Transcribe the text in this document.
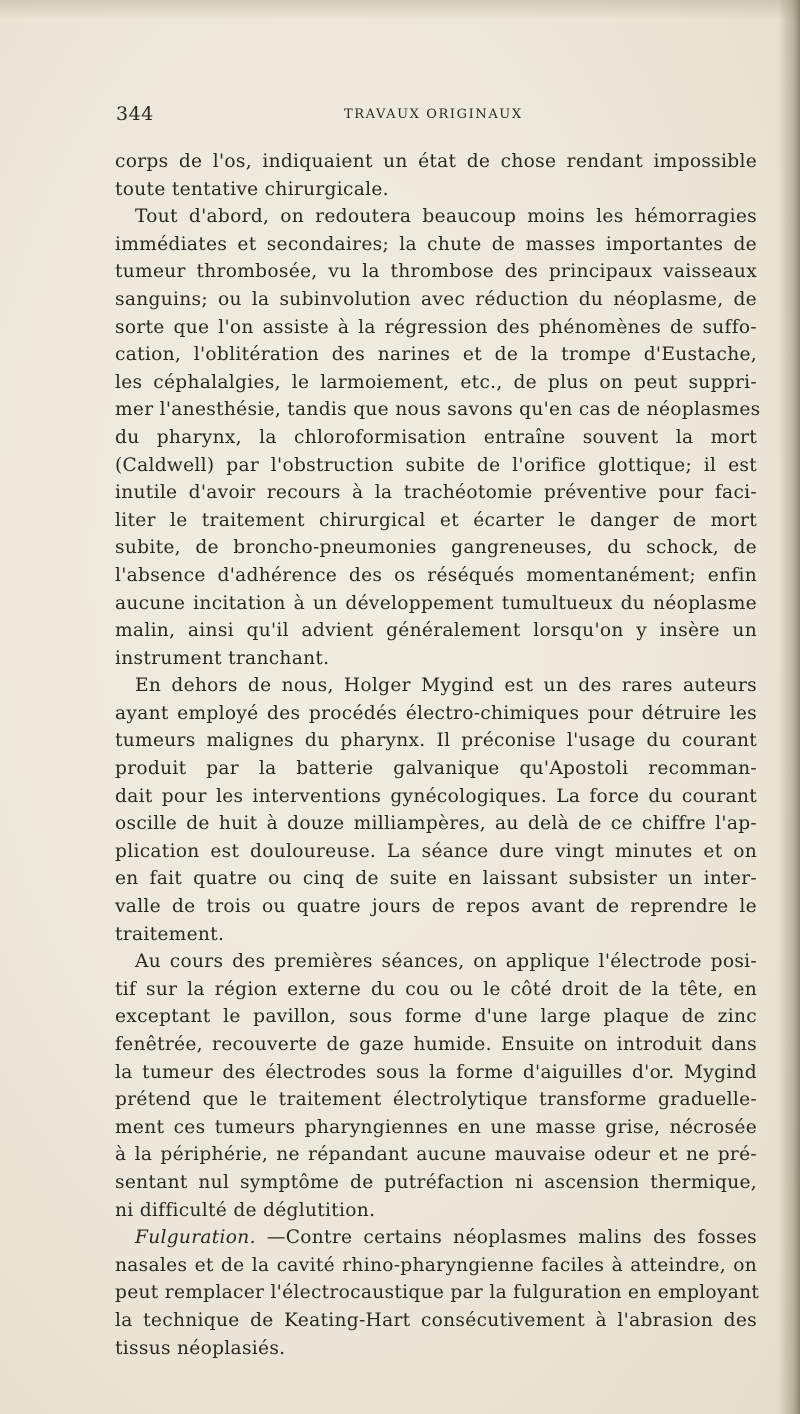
344	TRAVAUX ORIGINAUX
corps de l'os, indiquaient un état de chose rendant impossible
toute tentative chirurgicale.
Tout d'abord, on redoutera beaucoup moins les hémorragies
immédiates et secondaires; la chute de masses importantes de
tumeur thrombosée, vu la thrombose des principaux vaisseaux
sanguins; ou la subinvolution avec réduction du néoplasme, de
sorte que l'on assiste à la régression des phénomènes de suffo-
cation, l'oblitération des narines et de la trompe d'Eustache,
les céphalalgies, le larmoiement, etc., de plus on peut suppri-
mer l'anesthésie, tandis que nous savons qu'en cas de néoplasmes
du pharynx, la chloroformisation entraîne souvent la mort
(Caldwell) par l'obstruction subite de l'orifice glottique; il est
inutile d'avoir recours à la trachéotomie préventive pour faci-
liter le traitement chirurgical et écarter le danger de mort
subite, de broncho-pneumonies gangreneuses, du schock, de
l'absence d'adhérence des os réséqués momentanément; enfin
aucune incitation à un développement tumultueux du néoplasme
malin, ainsi qu'il advient généralement lorsqu'on y insère un
instrument tranchant.
En dehors de nous, Holger Mygind est un des rares auteurs
ayant employé des procédés électro-chimiques pour détruire les
tumeurs malignes du pharynx. Il préconise l'usage du courant
produit par la batterie galvanique qu'Apostoli recomman-
dait pour les interventions gynécologiques. La force du courant
oscille de huit à douze milliampères, au delà de ce chiffre l'ap-
plication est douloureuse. La séance dure vingt minutes et on
en fait quatre ou cinq de suite en laissant subsister un inter-
valle de trois ou quatre jours de repos avant de reprendre le
traitement.
Au cours des premières séances, on applique l'électrode posi-
tif sur la région externe du cou ou le côté droit de la tête, en
exceptant le pavillon, sous forme d'une large plaque de zinc
fenêtrée, recouverte de gaze humide. Ensuite on introduit dans
la tumeur des électrodes sous la forme d'aiguilles d'or. Mygind
prétend que le traitement électrolytique transforme graduelle-
ment ces tumeurs pharyngiennes en une masse grise, nécrosée
à la périphérie, ne répandant aucune mauvaise odeur et ne pré-
sentant nul symptôme de putréfaction ni ascension thermique,
ni difficulté de déglutition.
Fulguration. —Contre certains néoplasmes malins des fosses
nasales et de la cavité rhino-pharyngienne faciles à atteindre, on
peut remplacer l'électrocaustique par la fulguration en employant
la technique de Keating-Hart consécutivement à l'abrasion des
tissus néoplasiés.
